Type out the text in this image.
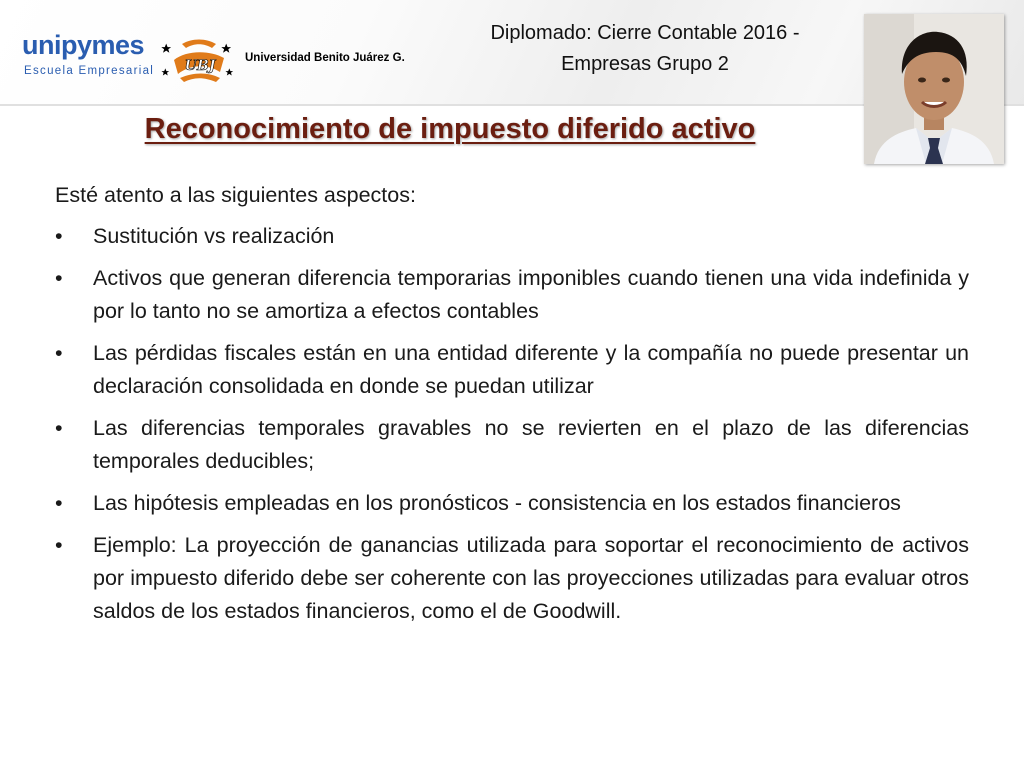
unipymes
Escuela Empresarial UBJ	Universidad Benito Juárez G.
Diplomado: Cierre Contable 2016 -
Empresas Grupo 2
Reconocimiento de impuesto diferido activo

Esté atento a las siguientes aspectos:

• Sustitución vs realización
• Activos que generan diferencia temporarias imponibles cuando tienen una vida indefinida y por lo tanto no se amortiza a efectos contables
• Las pérdidas fiscales están en una entidad diferente y la compañía no puede presentar un declaración consolidada en donde se puedan utilizar
• Las diferencias temporales gravables no se revierten en el plazo de las diferencias temporales deducibles;
• Las hipótesis empleadas en los pronósticos - consistencia en los estados financieros
• Ejemplo: La proyección de ganancias utilizada para soportar el reconocimiento de activos por impuesto diferido debe ser coherente con las proyecciones utilizadas para evaluar otros saldos de los estados financieros, como el de Goodwill.
